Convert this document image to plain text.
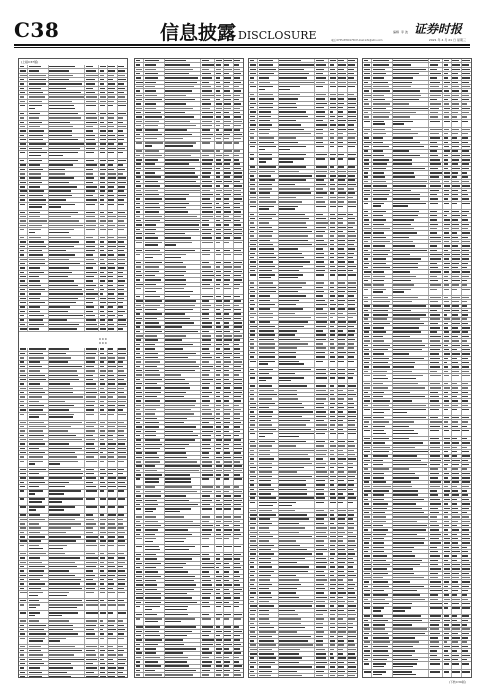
C38	信息披露 DISCLOSURE	编辑 李 波
电话 0755-83501750 E-mail:info@stcn.com
证券时报
2021 年 4 月 21 日 星期三
(上接C37版)
0 0 0
0 0 0
(下转C39版)
